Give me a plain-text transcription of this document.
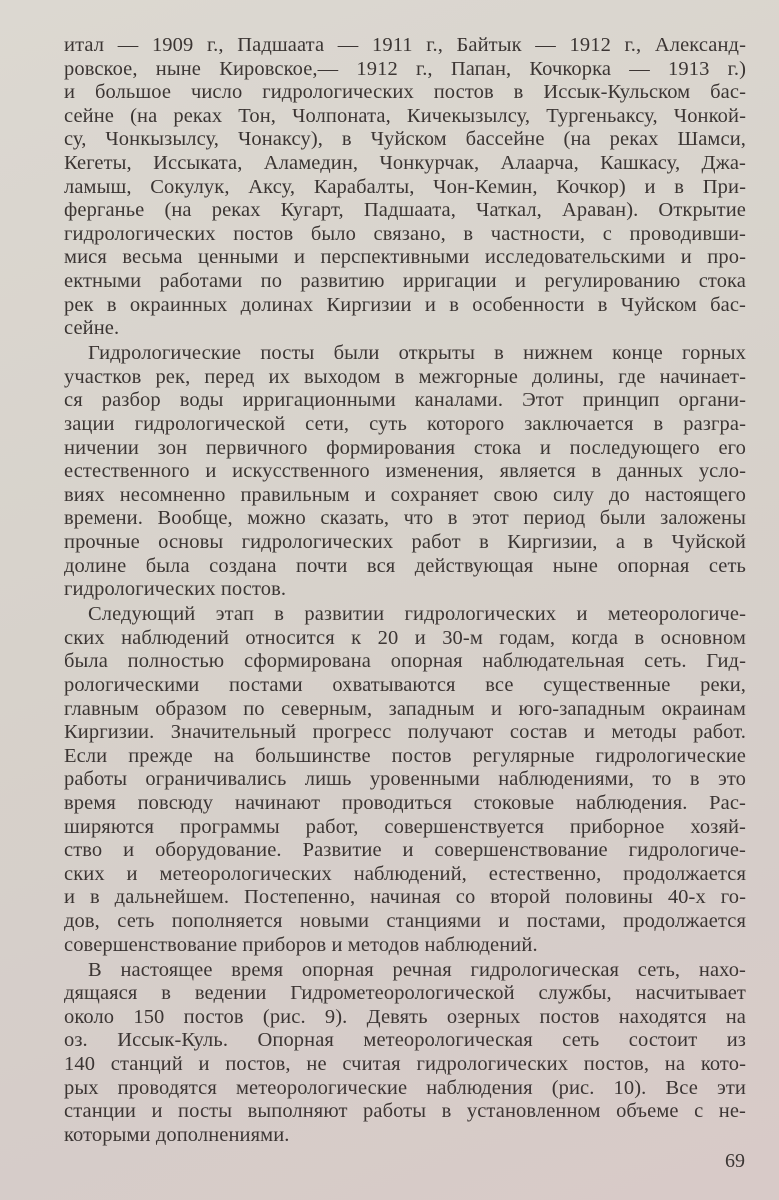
итал — 1909 г., Падшаата — 1911 г., Байтык — 1912 г., Александ-
ровское, ныне Кировское,— 1912 г., Папан, Кочкорка — 1913 г.)
и большое число гидрологических постов в Иссык-Кульском бас-
сейне (на реках Тон, Чолпоната, Кичекызылсу, Тургеньаксу, Чонкой-
су, Чонкызылсу, Чонаксу), в Чуйском бассейне (на реках Шамси,
Кегеты, Иссыката, Аламедин, Чонкурчак, Алаарча, Кашкасу, Джа-
ламыш, Сокулук, Аксу, Карабалты, Чон-Кемин, Кочкор) и в При-
ферганье (на реках Кугарт, Падшаата, Чаткал, Араван). Открытие
гидрологических постов было связано, в частности, с проводивши-
мися весьма ценными и перспективными исследовательскими и про-
ектными работами по развитию ирригации и регулированию стока
рек в окраинных долинах Киргизии и в особенности в Чуйском бас-
сейне.
Гидрологические посты были открыты в нижнем конце горных
участков рек, перед их выходом в межгорные долины, где начинает-
ся разбор воды ирригационными каналами. Этот принцип органи-
зации гидрологической сети, суть которого заключается в разгра-
ничении зон первичного формирования стока и последующего его
естественного и искусственного изменения, является в данных усло-
виях несомненно правильным и сохраняет свою силу до настоящего
времени. Вообще, можно сказать, что в этот период были заложены
прочные основы гидрологических работ в Киргизии, а в Чуйской
долине была создана почти вся действующая ныне опорная сеть
гидрологических постов.
Следующий этап в развитии гидрологических и метеорологиче-
ских наблюдений относится к 20 и 30-м годам, когда в основном
была полностью сформирована опорная наблюдательная сеть. Гид-
рологическими постами охватываются все существенные реки,
главным образом по северным, западным и юго-западным окраинам
Киргизии. Значительный прогресс получают состав и методы работ.
Если прежде на большинстве постов регулярные гидрологические
работы ограничивались лишь уровенными наблюдениями, то в это
время повсюду начинают проводиться стоковые наблюдения. Рас-
ширяются программы работ, совершенствуется приборное хозяй-
ство и оборудование. Развитие и совершенствование гидрологиче-
ских и метеорологических наблюдений, естественно, продолжается
и в дальнейшем. Постепенно, начиная со второй половины 40-х го-
дов, сеть пополняется новыми станциями и постами, продолжается
совершенствование приборов и методов наблюдений.
В настоящее время опорная речная гидрологическая сеть, нахо-
дящаяся в ведении Гидрометеорологической службы, насчитывает
около 150 постов (рис. 9). Девять озерных постов находятся на
оз. Иссык-Куль. Опорная метеорологическая сеть состоит из
140 станций и постов, не считая гидрологических постов, на кото-
рых проводятся метеорологические наблюдения (рис. 10). Все эти
станции и посты выполняют работы в установленном объеме с не-
которыми дополнениями.
69
